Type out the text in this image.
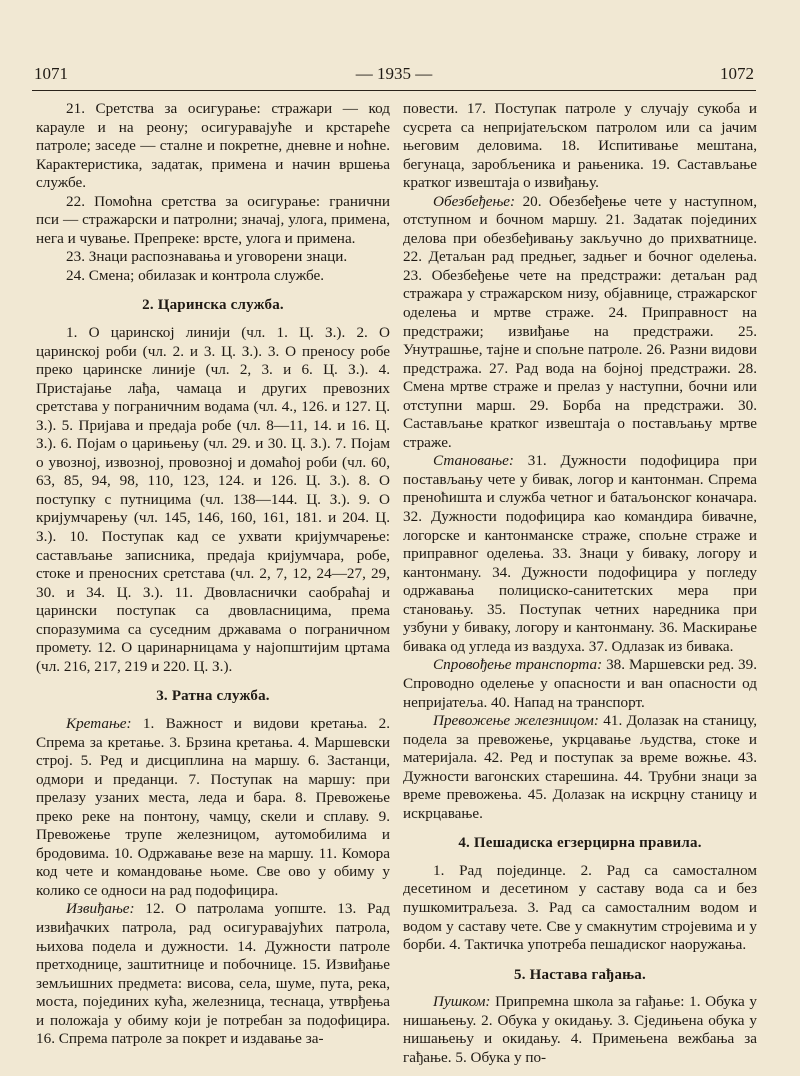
1071	— 1935 —	1072

21. Сретства за осигурање: стражари — код карауле и на реону; осигуравајуће и крстареће патроле; заседе — сталне и покретне, дневне и ноћне. Карактеристика, задатак, примена и начин вршења службе.

22. Помоћна сретства за осигурање: гранични пси — стражарски и патролни; значај, улога, примена, нега и чување. Препреке: врсте, улога и примена.

23. Знаци распознавања и уговорени знаци.

24. Смена; обилазак и контрола службе.

2. Царинска служба.

1. О царинској линији (чл. 1. Ц. З.). 2. О царинској роби (чл. 2. и 3. Ц. З.). 3. О преносу робе преко царинске линије (чл. 2, 3. и 6. Ц. З.). 4. Пристајање лађа, чамаца и других превозних сретстава у пограничним водама (чл. 4., 126. и 127. Ц. З.). 5. Пријава и предаја робе (чл. 8—11, 14. и 16. Ц. З.). 6. Појам о царињењу (чл. 29. и 30. Ц. З.). 7. Појам о увозној, извозној, провозној и домаћој роби (чл. 60, 63, 85, 94, 98, 110, 123, 124. и 126. Ц. З.). 8. О поступку с путницима (чл. 138—144. Ц. З.). 9. О кријумчарењу (чл. 145, 146, 160, 161, 181. и 204. Ц. З.). 10. Поступак кад се ухвати кријумчарење: састављање записника, предаја кријумчара, робе, стоке и преносних сретстава (чл. 2, 7, 12, 24—27, 29, 30. и 34. Ц. З.). 11. Двовласнички саобраћај и царински поступак са двовласницима, према споразумима са суседним државама о пограничном промету. 12. О царинарницама у најопштијим цртама (чл. 216, 217, 219 и 220. Ц. З.).

3. Ратна служба.

Кретање: 1. Важност и видови кретања. 2. Спрема за кретање. 3. Брзина кретања. 4. Маршевски строј. 5. Ред и дисциплина на маршу. 6. Застанци, одмори и преданци. 7. Поступак на маршу: при прелазу узаних места, леда и бара. 8. Превожење преко реке на понтону, чамцу, скели и сплаву. 9. Превожење трупе железницом, аутомобилима и бродовима. 10. Одржавање везе на маршу. 11. Комора код чете и командовање њоме. Све ово у обиму у колико се односи на рад подофицира.

Извиђање: 12. О патролама уопште. 13. Рад извиђачких патрола, рад осигуравајућих патрола, њихова подела и дужности. 14. Дужности патроле претходнице, заштитнице и побочнице. 15. Извиђање земљишних предмета: висова, села, шуме, пута, река, моста, појединих кућа, железница, теснаца, утврђења и положаја у обиму који је потребан за подофицира. 16. Спрема патроле за покрет и издавање за-

повести. 17. Поступак патроле у случају сукоба и сусрета са непријатељском патролом или са јачим његовим деловима. 18. Испитивање мештана, бегунаца, заробљеника и рањеника. 19. Састављање кратког извештаја о извиђању.

Обезбеђење: 20. Обезбеђење чете у наступном, отступном и бочном маршу. 21. Задатак појединих делова при обезбеђивању закључно до прихватнице. 22. Детаљан рад предњег, задњег и бочног оделења. 23. Обезбеђење чете на предстражи: детаљан рад стражара у стражарском низу, објавнице, стражарског оделења и мртве страже. 24. Приправност на предстражи; извиђање на предстражи. 25. Унутрашње, тајне и спољне патроле. 26. Разни видови предстража. 27. Рад вода на бојној предстражи. 28. Смена мртве страже и прелаз у наступни, бочни или отступни марш. 29. Борба на предстражи. 30. Састављање кратког извештаја о постављању мртве страже.

Становање: 31. Дужности подофицира при постављању чете у бивак, логор и кантонман. Спрема преноћишта и служба четног и батаљонског коначара. 32. Дужности подофицира као командира бивачне, логорске и кантонманске страже, спољне страже и приправног оделења. 33. Знаци у бивaку, логору и кантонману. 34. Дужности подофицира у погледу одржавања полицискo-санитетских мера при становању. 35. Поступак четних наредника при узбуни у бивaку, логору и кантонману. 36. Маскирање бивака од угледа из ваздуха. 37. Одлазак из бивака.

Спровођење транспорта: 38. Маршевски ред. 39. Спроводно оделење у опасности и ван опасности од непријатеља. 40. Напад на транспорт.

Превожење железницом: 41. Долазак на станицу, подела за превожење, укрцавање људства, стоке и материјала. 42. Ред и поступак за време вожње. 43. Дужности вагонских старешина. 44. Трубни знаци за време превожења. 45. Долазак на искрцну станицу и искрцавање.

4. Пешадиска егзерцирна правила.

1. Рад појединце. 2. Рад са самосталном десетином и десетином у саставу вода са и без пушкомитраљеза. 3. Рад са самосталним водом и водом у саставу чете. Све у смакнутим стројевима и у борби. 4. Тактичка употреба пешадиског наоружања.

5. Настава гађања.

Пушком: Припремна школа за гађање: 1. Обука у нишањењу. 2. Обука у окидању. 3. Сједињена обука у нишањењу и окидању. 4. Примењена вежбања за гађање. 5. Обука у по-
